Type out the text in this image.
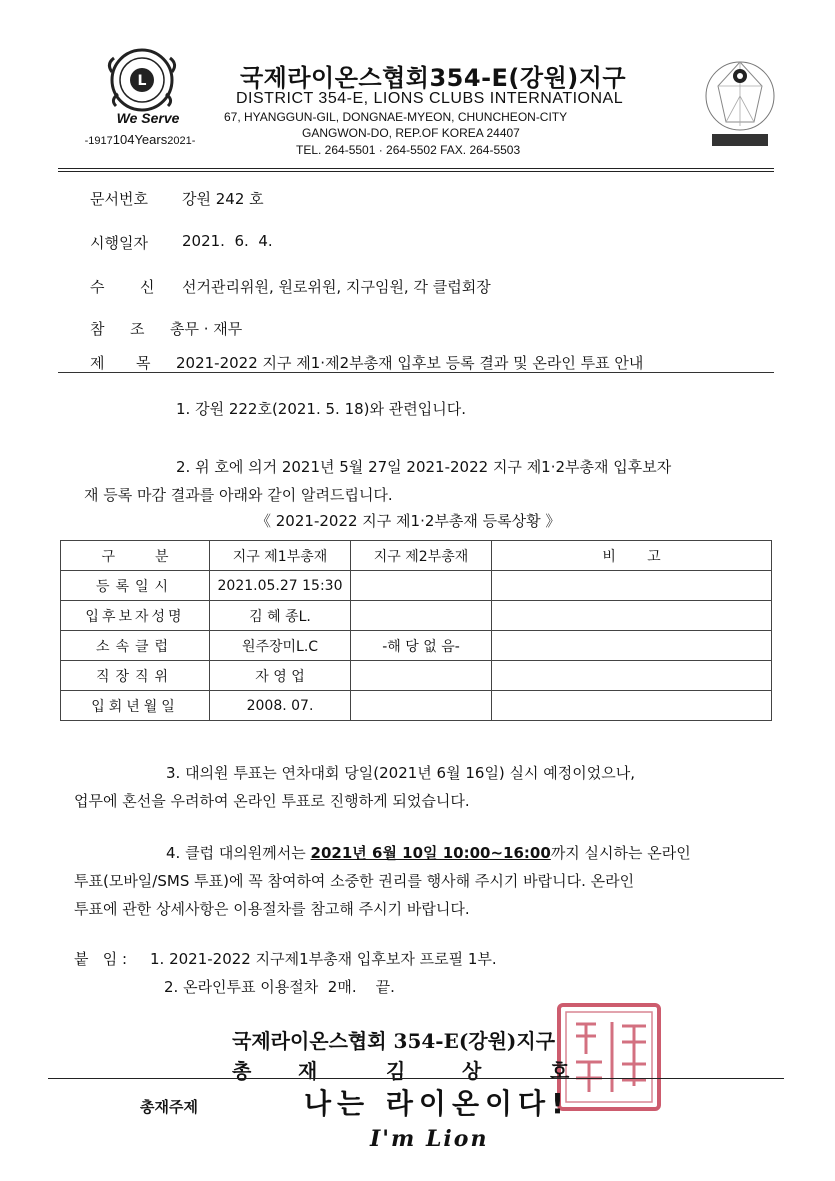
L
We Serve
-1917104Years2021-
국제라이온스협회354-E(강원)지구
DISTRICT 354-E, LIONS CLUBS INTERNATIONAL
67, HYANGGUN-GIL, DONGNAE-MYEON, CHUNCHEON-CITY
GANGWON-DO, REP.OF KOREA 24407
TEL. 264-5501 · 264-5502 FAX. 264-5503
문서번호 강원 242 호
시행일자 2021.  6.  4.
수 신 선거관리위원, 원로위원, 지구임원, 각 클럽회장
참 조 총무 · 재무
제 목 2021-2022 지구 제1·제2부총재 입후보 등록 결과 및 온라인 투표 안내
1. 강원 222호(2021. 5. 18)와 관련입니다.
2. 위 호에 의거 2021년 5월 27일 2021-2022 지구 제1·2부총재 입후보자
재 등록 마감 결과를 아래와 같이 알려드립니다.
《 2021-2022 지구 제1·2부총재 등록상황 》
구         분	지구 제1부총재	지구 제2부총재	비       고
등록일시	2021.05.27 15:30		
입후보자성명	김 혜 종L.		
소속클럽	원주장미L.C	-해 당 없 음-	
직장직위	자 영 업		
입회년월일	2008. 07.		
3. 대의원 투표는 연차대회 당일(2021년 6월 16일) 실시 예정이었으나,
업무에 혼선을 우려하여 온라인 투표로 진행하게 되었습니다.
4. 클럽 대의원께서는 2021년 6월 10일 10:00~16:00까지 실시하는 온라인
투표(모바일/SMS 투표)에 꼭 참여하여 소중한 권리를 행사해 주시기 바랍니다. 온라인
투표에 관한 상세사항은 이용절차를 참고해 주시기 바랍니다.
붙   임 : 1. 2021-2022 지구제1부총재 입후보자 프로필 1부.
2. 온라인투표 이용절차  2매.    끝.
국제라이온스협회 354-E(강원)지구
총 재	김	상	호
총재주제	나는 라이온이다!
I'm Lion
